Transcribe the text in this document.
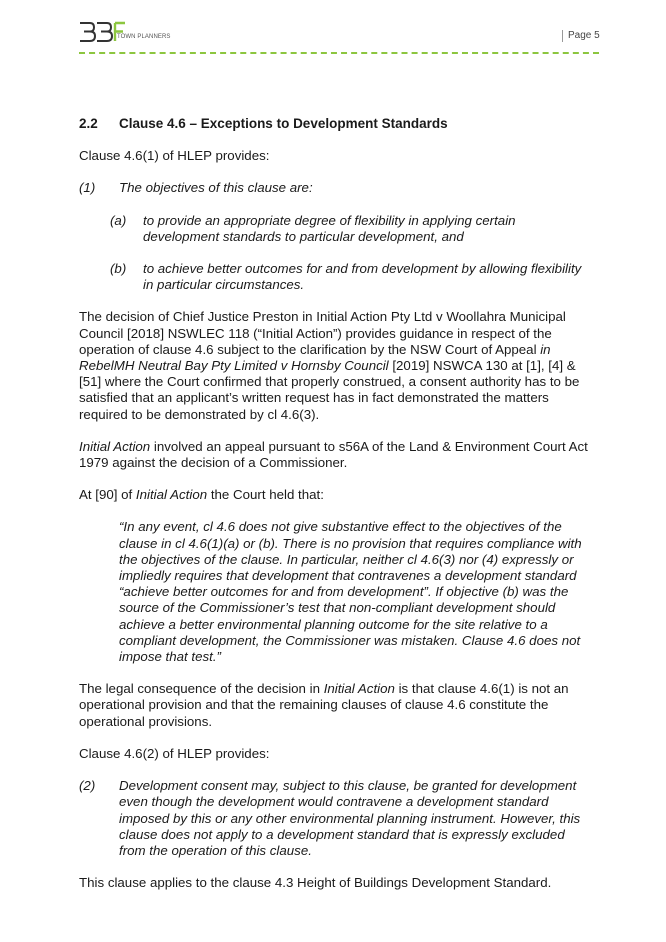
TOWN PLANNERS	Page 5
2.2	Clause 4.6 – Exceptions to Development Standards

Clause 4.6(1) of HLEP provides:

(1)	The objectives of this clause are:
(a)	to provide an appropriate degree of flexibility in applying certain development standards to particular development, and
(b)	to achieve better outcomes for and from development by allowing flexibility in particular circumstances.

The decision of Chief Justice Preston in Initial Action Pty Ltd v Woollahra Municipal Council [2018] NSWLEC 118 (“Initial Action”) provides guidance in respect of the operation of clause 4.6 subject to the clarification by the NSW Court of Appeal in RebelMH Neutral Bay Pty Limited v Hornsby Council [2019] NSWCA 130 at [1], [4] & [51] where the Court confirmed that properly construed, a consent authority has to be satisfied that an applicant’s written request has in fact demonstrated the matters required to be demonstrated by cl 4.6(3).

Initial Action involved an appeal pursuant to s56A of the Land & Environment Court Act 1979 against the decision of a Commissioner.

At [90] of Initial Action the Court held that:

“In any event, cl 4.6 does not give substantive effect to the objectives of the clause in cl 4.6(1)(a) or (b). There is no provision that requires compliance with the objectives of the clause. In particular, neither cl 4.6(3) nor (4) expressly or impliedly requires that development that contravenes a development standard “achieve better outcomes for and from development”. If objective (b) was the source of the Commissioner’s test that non-compliant development should achieve a better environmental planning outcome for the site relative to a compliant development, the Commissioner was mistaken. Clause 4.6 does not impose that test.”

The legal consequence of the decision in Initial Action is that clause 4.6(1) is not an operational provision and that the remaining clauses of clause 4.6 constitute the operational provisions.

Clause 4.6(2) of HLEP provides:

(2)	Development consent may, subject to this clause, be granted for development even though the development would contravene a development standard imposed by this or any other environmental planning instrument. However, this clause does not apply to a development standard that is expressly excluded from the operation of this clause.

This clause applies to the clause 4.3 Height of Buildings Development Standard.
